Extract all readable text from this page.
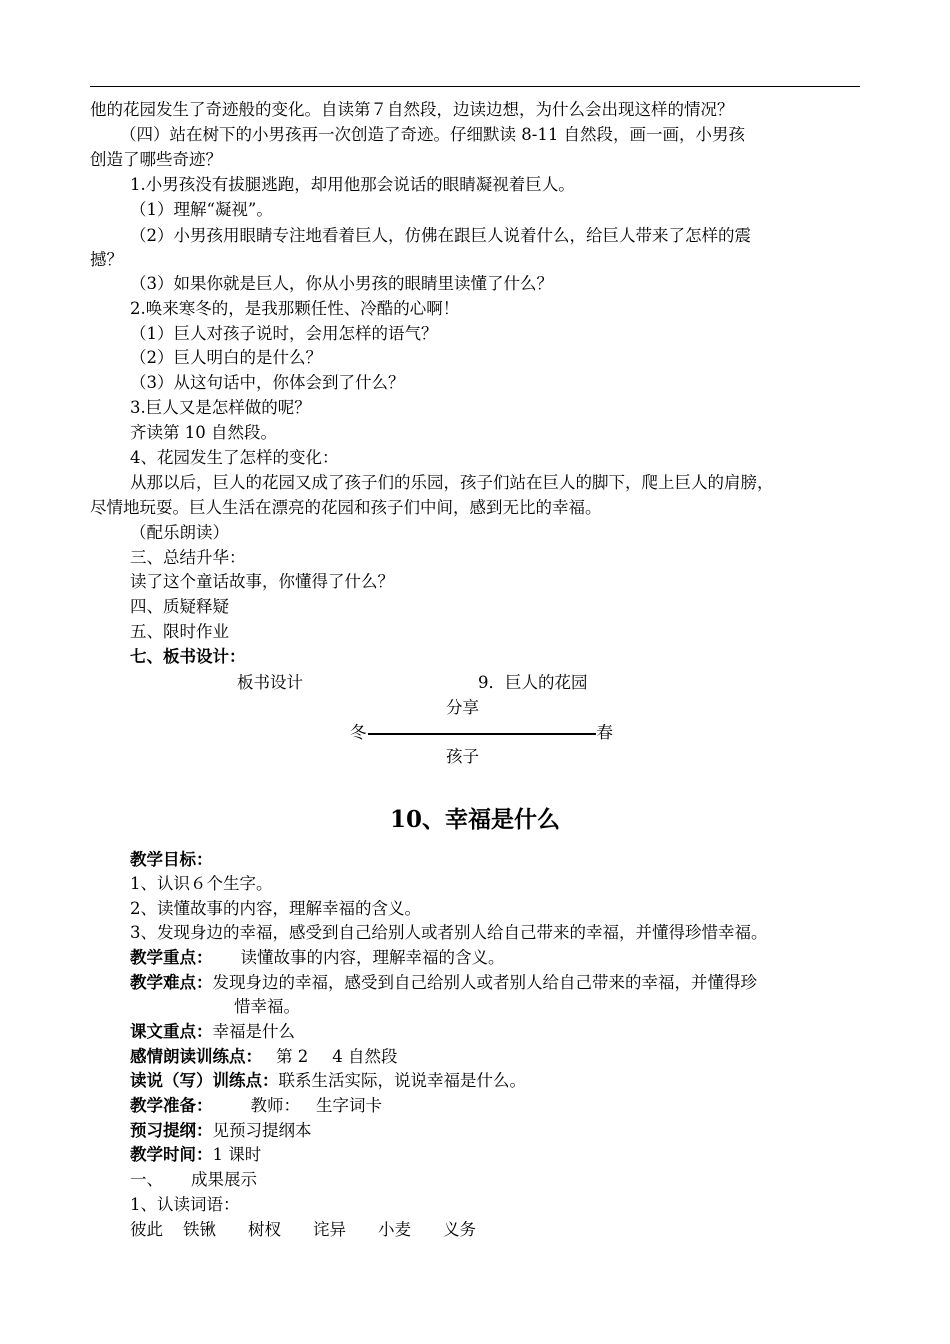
他的花园发生了奇迹般的变化。自读第７自然段，边读边想，为什么会出现这样的情况？
（四）站在树下的小男孩再一次创造了奇迹。仔细默读 8-11 自然段，画一画，小男孩
创造了哪些奇迹？
1.小男孩没有拔腿逃跑，却用他那会说话的眼睛凝视着巨人。
（1）理解“凝视”。
（2）小男孩用眼睛专注地看着巨人，仿佛在跟巨人说着什么，给巨人带来了怎样的震
撼？
（3）如果你就是巨人，你从小男孩的眼睛里读懂了什么？
2.唤来寒冬的，是我那颗任性、冷酷的心啊！
（1）巨人对孩子说时，会用怎样的语气？
（2）巨人明白的是什么？
（3）从这句话中，你体会到了什么？
3.巨人又是怎样做的呢？
齐读第 10 自然段。
4、花园发生了怎样的变化：
从那以后，巨人的花园又成了孩子们的乐园，孩子们站在巨人的脚下，爬上巨人的肩膀，
尽情地玩耍。巨人生活在漂亮的花园和孩子们中间，感到无比的幸福。
（配乐朗读）
三、总结升华：
读了这个童话故事，你懂得了什么？
四、质疑释疑
五、限时作业
七、板书设计：
板书设计	9．巨人的花园
分享
冬	春
孩子
10、幸福是什么
教学目标：
1、认识６个生字。
2、读懂故事的内容，理解幸福的含义。
3、发现身边的幸福，感受到自己给别人或者别人给自己带来的幸福，并懂得珍惜幸福。
教学重点： 读懂故事的内容，理解幸福的含义。
教学难点：发现身边的幸福，感受到自己给别人或者别人给自己带来的幸福，并懂得珍
惜幸福。
课文重点：幸福是什么
感情朗读训练点： 第 2 4 自然段
读说（写）训练点：联系生活实际，说说幸福是什么。
教学准备： 教师： 生字词卡
预习提纲：见预习提纲本
教学时间：1 课时
一、 成果展示
1、认读词语：
彼此 铁锹 树杈 诧异 小麦 义务
